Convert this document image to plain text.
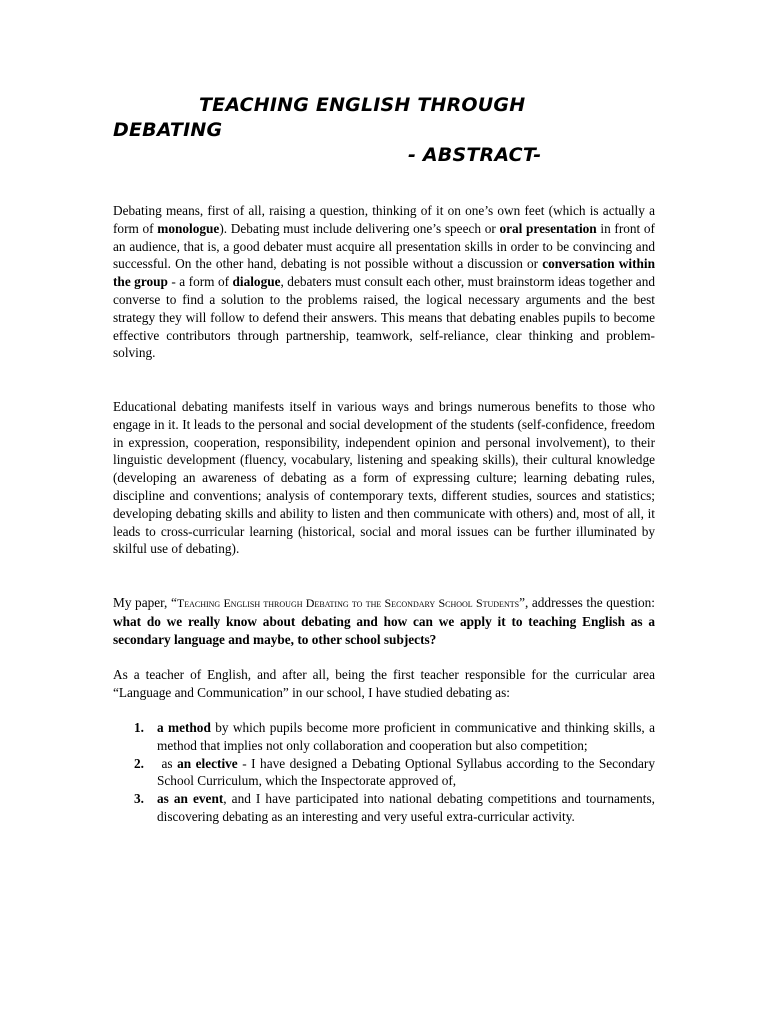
TEACHING ENGLISH THROUGH
DEBATING
- ABSTRACT-

Debating means, first of all, raising a question, thinking of it on one’s own feet (which is actually a form of monologue). Debating must include delivering one’s speech or oral presentation in front of an audience, that is, a good debater must acquire all presentation skills in order to be convincing and successful. On the other hand, debating is not possible without a discussion or conversation within the group - a form of dialogue, debaters must consult each other, must brainstorm ideas together and converse to find a solution to the problems raised, the logical necessary arguments and the best strategy they will follow to defend their answers. This means that debating enables pupils to become effective contributors through partnership, teamwork, self-reliance, clear thinking and problem-solving.

Educational debating manifests itself in various ways and brings numerous benefits to those who engage in it. It leads to the personal and social development of the students (self-confidence, freedom in expression, cooperation, responsibility, independent opinion and personal involvement), to their linguistic development (fluency, vocabulary, listening and speaking skills), their cultural knowledge (developing an awareness of debating as a form of expressing culture; learning debating rules, discipline and conventions; analysis of contemporary texts, different studies, sources and statistics; developing debating skills and ability to listen and then communicate with others) and, most of all, it leads to cross-curricular learning (historical, social and moral issues can be further illuminated by skilful use of debating).

My paper, “Teaching English through Debating to the Secondary School Students”, addresses the question: what do we really know about debating and how can we apply it to teaching English as a secondary language and maybe, to other school subjects?

As a teacher of English, and after all, being the first teacher responsible for the curricular area “Language and Communication” in our school, I have studied debating as:

1. a method by which pupils become more proficient in communicative and thinking skills, a method that implies not only collaboration and cooperation but also competition;
2. as an elective - I have designed a Debating Optional Syllabus according to the Secondary School Curriculum, which the Inspectorate approved of,
3. as an event, and I have participated into national debating competitions and tournaments, discovering debating as an interesting and very useful extra-curricular activity.
